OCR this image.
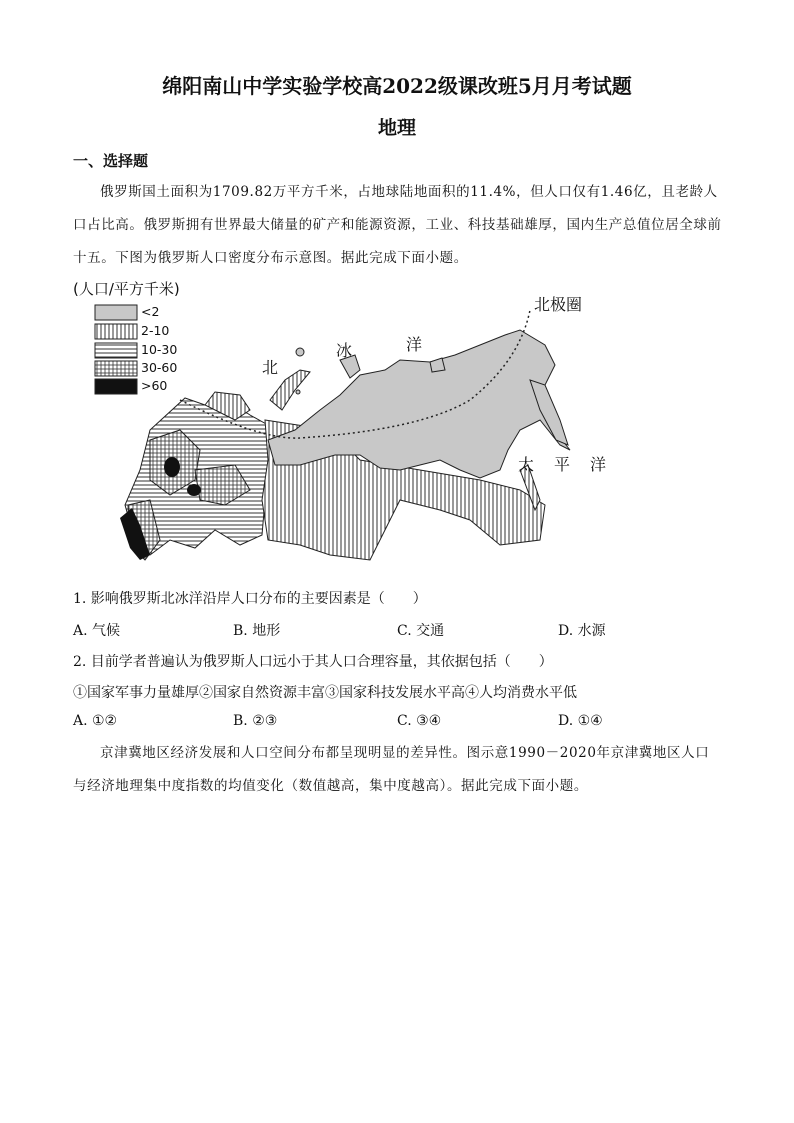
绵阳南山中学实验学校高2022级课改班5月月考试题
地理
一、选择题
俄罗斯国土面积为1709.82万平方千米，占地球陆地面积的11.4%，但人口仅有1.46亿，且老龄人口占比高。俄罗斯拥有世界最大储量的矿产和能源资源，工业、科技基础雄厚，国内生产总值位居全球前十五。下图为俄罗斯人口密度分布示意图。据此完成下面小题。
(人口/平方千米)
<2
2-10
10-30
30-60
>60
北极圈
北
冰	洋
太 平 洋
1. 影响俄罗斯北冰洋沿岸人口分布的主要因素是（　　）
A. 气候	B. 地形	C. 交通	D. 水源
2. 目前学者普遍认为俄罗斯人口远小于其人口合理容量，其依据包括（　　）
①国家军事力量雄厚②国家自然资源丰富③国家科技发展水平高④人均消费水平低
A. ①②	B. ②③	C. ③④	D. ①④
京津冀地区经济发展和人口空间分布都呈现明显的差异性。图示意1990－2020年京津冀地区人口与经济地理集中度指数的均值变化（数值越高，集中度越高）。据此完成下面小题。
